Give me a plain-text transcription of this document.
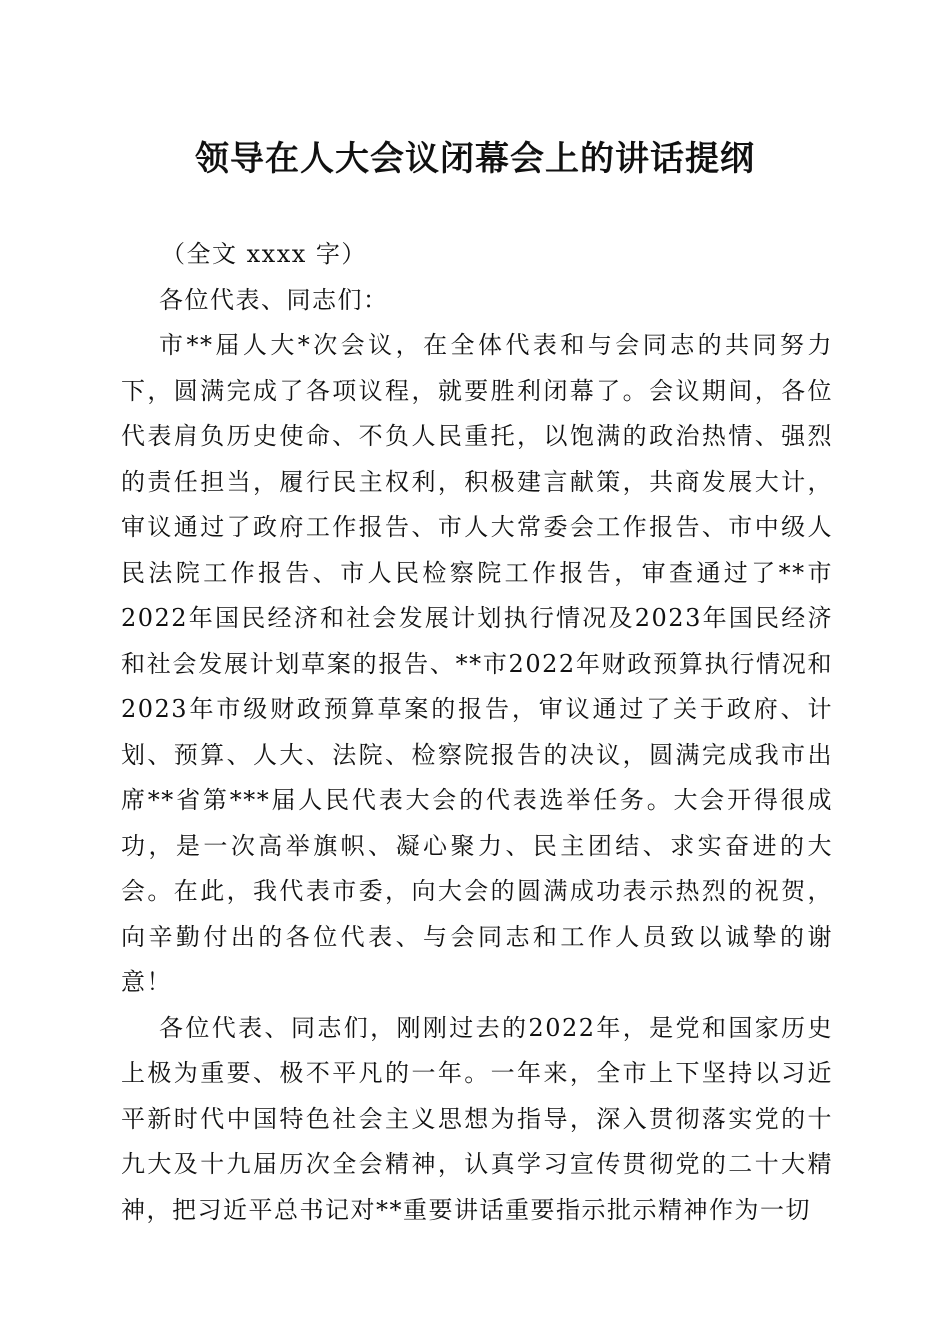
领导在人大会议闭幕会上的讲话提纲

（全文 xxxx 字）

各位代表、同志们：

市**届人大*次会议，在全体代表和与会同志的共同努力下，圆满完成了各项议程，就要胜利闭幕了。会议期间，各位代表肩负历史使命、不负人民重托，以饱满的政治热情、强烈的责任担当，履行民主权利，积极建言献策，共商发展大计，审议通过了政府工作报告、市人大常委会工作报告、市中级人民法院工作报告、市人民检察院工作报告，审查通过了**市2022年国民经济和社会发展计划执行情况及2023年国民经济和社会发展计划草案的报告、**市2022年财政预算执行情况和2023年市级财政预算草案的报告，审议通过了关于政府、计划、预算、人大、法院、检察院报告的决议，圆满完成我市出席**省第***届人民代表大会的代表选举任务。大会开得很成功，是一次高举旗帜、凝心聚力、民主团结、求实奋进的大会。在此，我代表市委，向大会的圆满成功表示热烈的祝贺，向辛勤付出的各位代表、与会同志和工作人员致以诚挚的谢意！

各位代表、同志们，刚刚过去的2022年，是党和国家历史上极为重要、极不平凡的一年。一年来，全市上下坚持以习近平新时代中国特色社会主义思想为指导，深入贯彻落实党的十九大及十九届历次全会精神，认真学习宣传贯彻党的二十大精神，把习近平总书记对**重要讲话重要指示批示精神作为一切
